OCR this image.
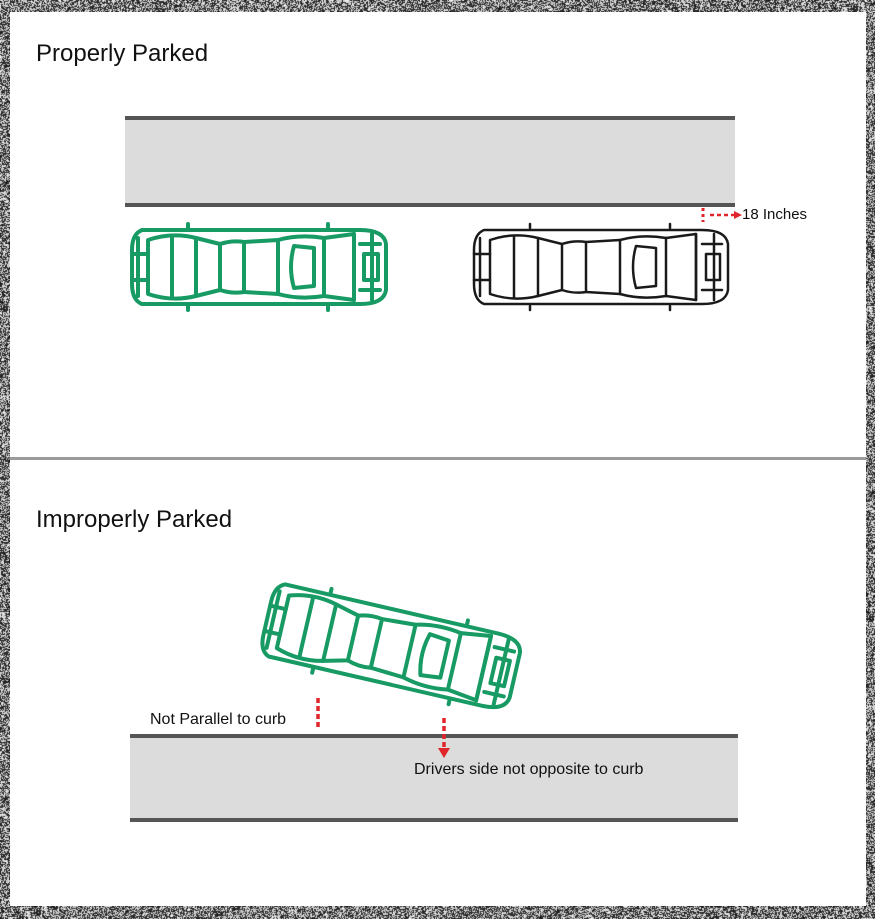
Properly Parked
18 Inches
Improperly Parked
Not Parallel to curb
Drivers side not opposite to curb
